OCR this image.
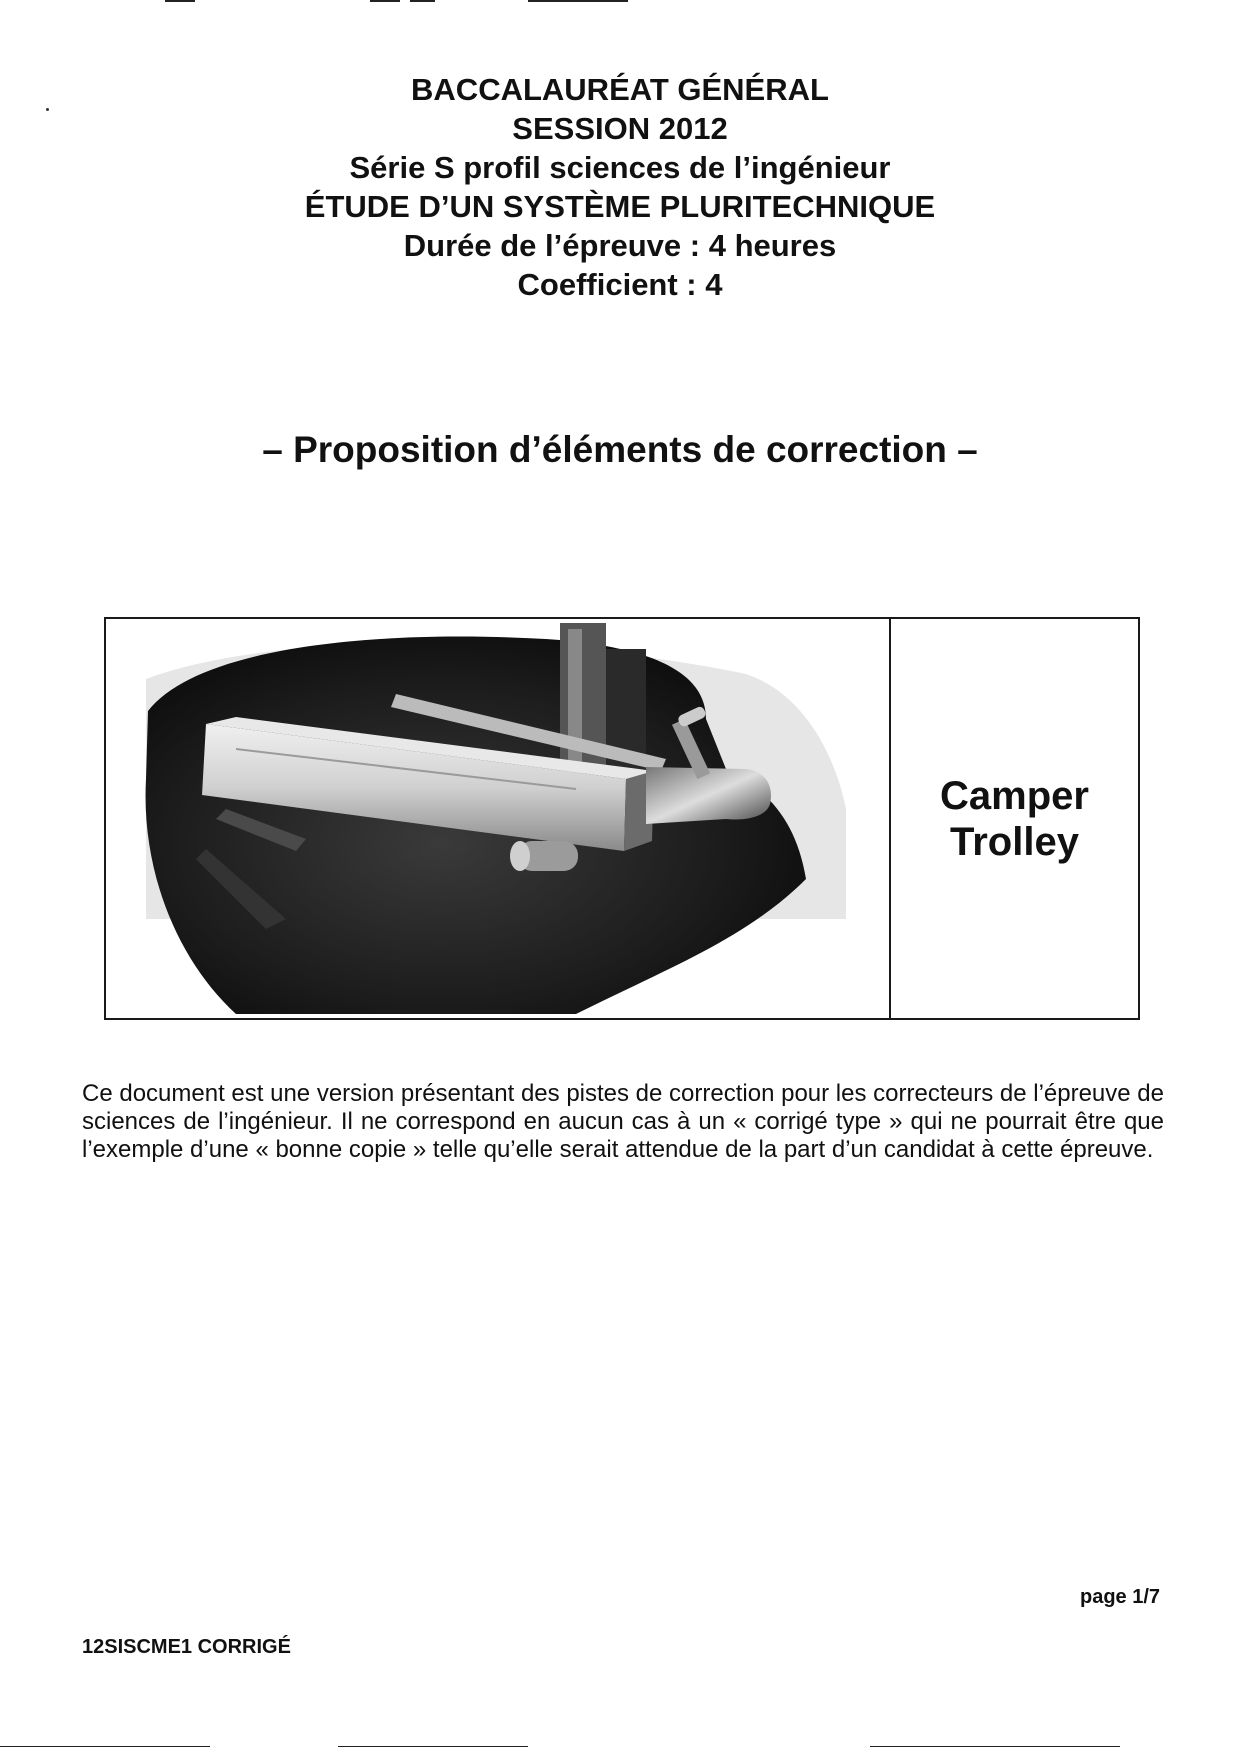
BACCALAURÉAT GÉNÉRAL
SESSION 2012
Série S profil sciences de l’ingénieur
ÉTUDE D’UN SYSTÈME PLURITECHNIQUE
Durée de l’épreuve : 4 heures
Coefficient : 4
– Proposition d’éléments de correction –
Camper
Trolley
Ce document est une version présentant des pistes de correction pour les correcteurs de l’épreuve de sciences de l’ingénieur. Il ne correspond en aucun cas à un « corrigé type » qui ne pourrait être que l’exemple d’une « bonne copie » telle qu’elle serait attendue de la part d’un candidat à cette épreuve.
page 1/7
12SISCME1 CORRIGÉ
